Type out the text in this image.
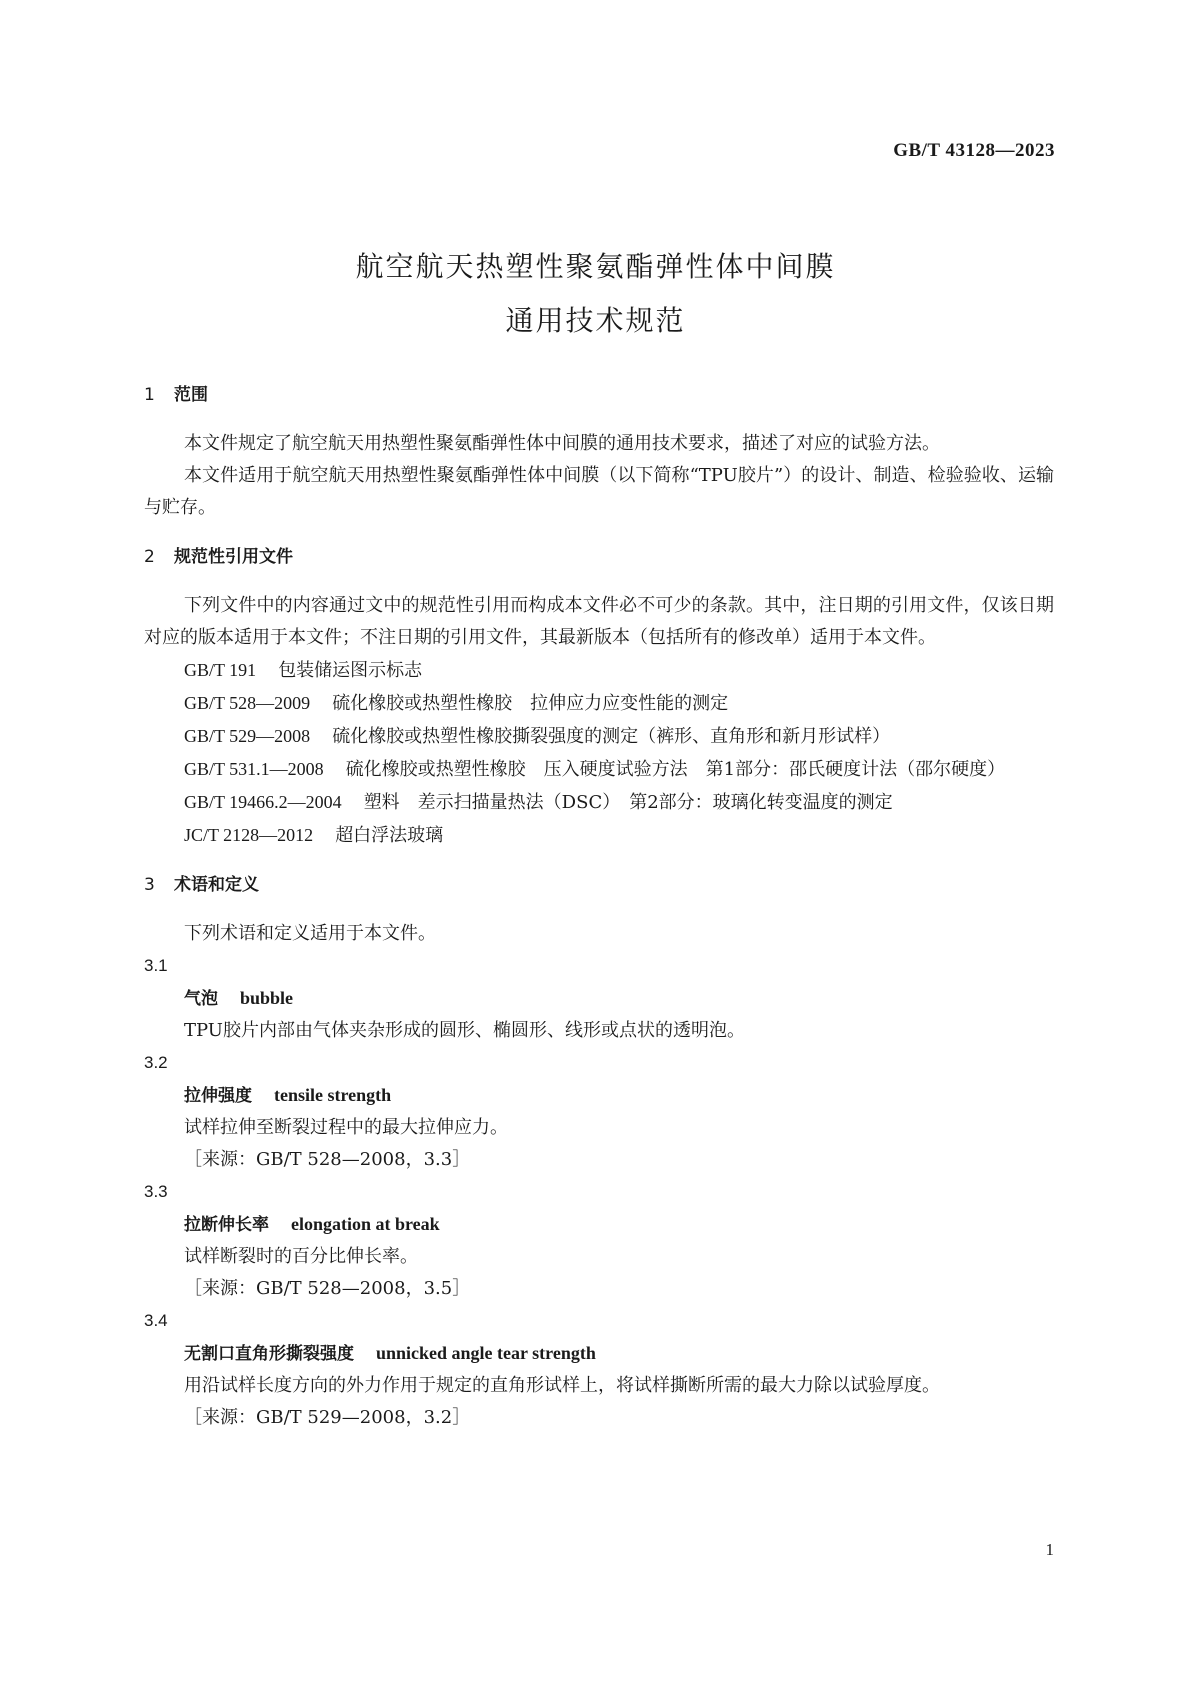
GB/T 43128—2023
航空航天热塑性聚氨酯弹性体中间膜
通用技术规范
1 范围
本文件规定了航空航天用热塑性聚氨酯弹性体中间膜的通用技术要求，描述了对应的试验方法。
本文件适用于航空航天用热塑性聚氨酯弹性体中间膜（以下简称“TPU胶片”）的设计、制造、检验验收、运输与贮存。
2 规范性引用文件
下列文件中的内容通过文中的规范性引用而构成本文件必不可少的条款。其中，注日期的引用文件，仅该日期对应的版本适用于本文件；不注日期的引用文件，其最新版本（包括所有的修改单）适用于本文件。
GB/T 191 包装储运图示标志
GB/T 528—2009 硫化橡胶或热塑性橡胶　拉伸应力应变性能的测定
GB/T 529—2008 硫化橡胶或热塑性橡胶撕裂强度的测定（裤形、直角形和新月形试样）
GB/T 531.1—2008 硫化橡胶或热塑性橡胶　压入硬度试验方法　第1部分：邵氏硬度计法（邵尔硬度）
GB/T 19466.2—2004 塑料　差示扫描量热法（DSC）　第2部分：玻璃化转变温度的测定
JC/T 2128—2012 超白浮法玻璃
3 术语和定义
下列术语和定义适用于本文件。
3.1
气泡 bubble
TPU胶片内部由气体夹杂形成的圆形、椭圆形、线形或点状的透明泡。
3.2
拉伸强度 tensile strength
试样拉伸至断裂过程中的最大拉伸应力。
［来源：GB/T 528—2008，3.3］
3.3
拉断伸长率 elongation at break
试样断裂时的百分比伸长率。
［来源：GB/T 528—2008，3.5］
3.4
无割口直角形撕裂强度 unnicked angle tear strength
用沿试样长度方向的外力作用于规定的直角形试样上，将试样撕断所需的最大力除以试验厚度。
［来源：GB/T 529—2008，3.2］
1
